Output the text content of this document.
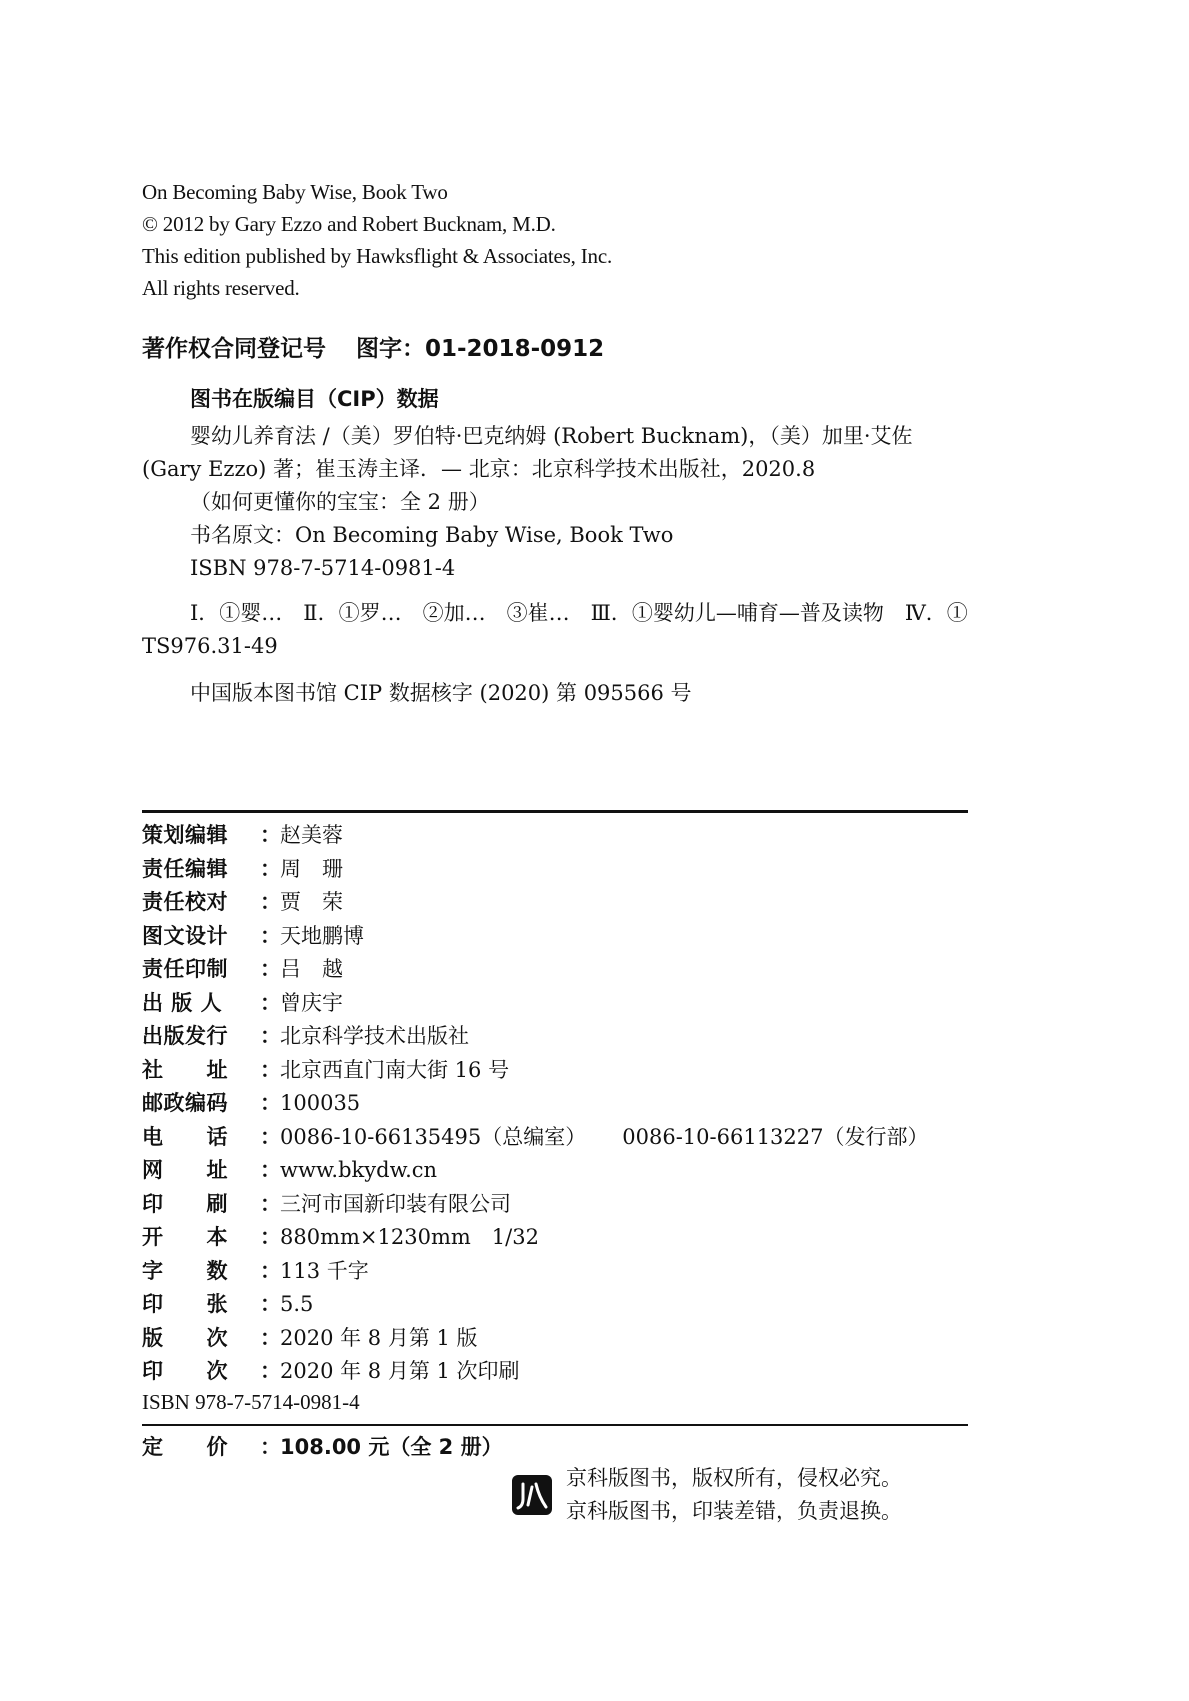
On Becoming Baby Wise, Book Two
© 2012 by Gary Ezzo and Robert Bucknam, M.D.
This edition published by Hawksflight & Associates, Inc.
All rights reserved.
著作权合同登记号 图字：01-2018-0912
图书在版编目（CIP）数据
婴幼儿养育法 /（美）罗伯特·巴克纳姆 (Robert Bucknam)，（美）加里·艾佐 (Gary Ezzo) 著；崔玉涛主译．— 北京：北京科学技术出版社，2020.8
（如何更懂你的宝宝：全 2 册）
书名原文：On Becoming Baby Wise, Book Two
ISBN 978-7-5714-0981-4
Ⅰ．①婴…　Ⅱ．①罗…　②加…　③崔…　Ⅲ．①婴幼儿—哺育—普及读物　Ⅳ．① TS976.31-49
中国版本图书馆 CIP 数据核字 (2020) 第 095566 号
策划编辑	： 赵美蓉
责任编辑	： 周　珊
责任校对	： 贾　荣
图文设计	： 天地鹏博
责任印制	： 吕　越
出 版 人	： 曾庆宇
出版发行	： 北京科学技术出版社
社　　址	： 北京西直门南大街 16 号
邮政编码	： 100035
电　　话	： 0086-10-66135495（总编室） 0086-10-66113227（发行部）
网　　址	： www.bkydw.cn
印　　刷	： 三河市国新印装有限公司
开　　本	： 880mm×1230mm　1/32
字　　数	： 113 千字
印　　张	： 5.5
版　　次	： 2020 年 8 月第 1 版
印　　次	： 2020 年 8 月第 1 次印刷
ISBN 978-7-5714-0981-4
定　　价	： 108.00 元（全 2 册）
京科版图书，版权所有，侵权必究。
京科版图书，印装差错，负责退换。
